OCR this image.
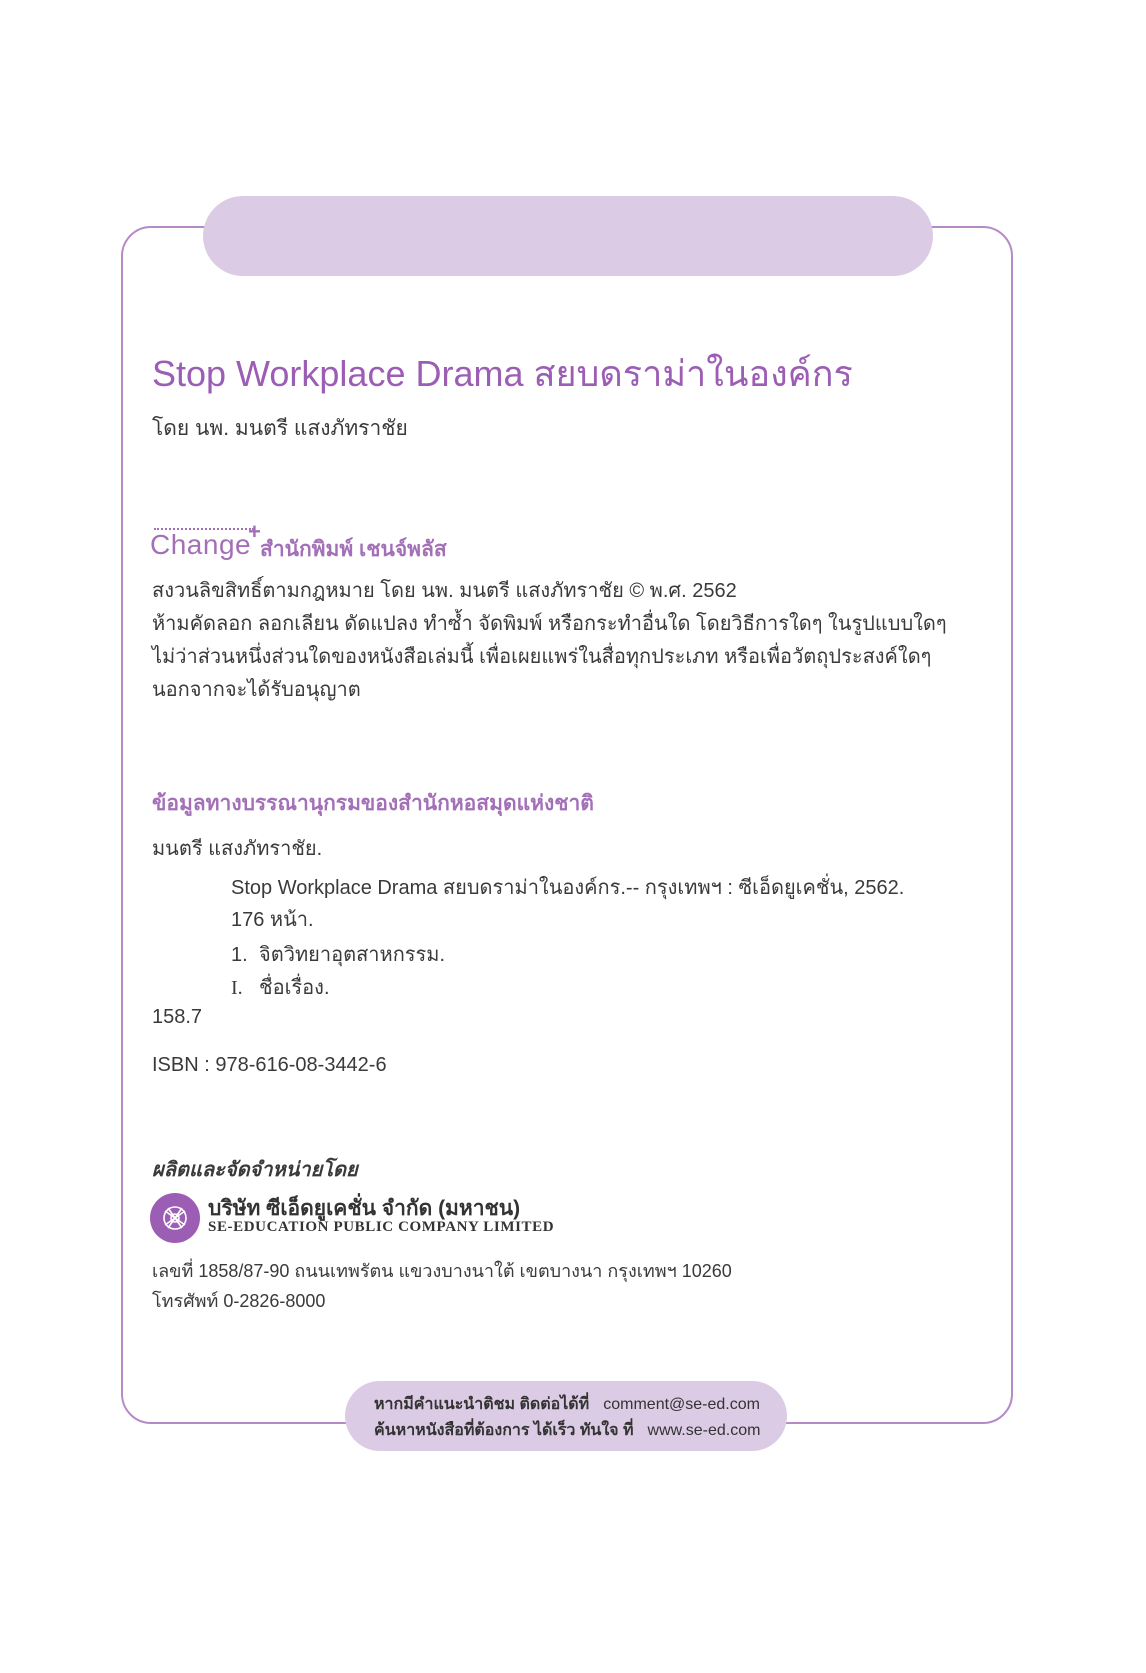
Stop Workplace Drama สยบดราม่าในองค์กร
โดย นพ. มนตรี แสงภัทราชัย
Change
+
สำนักพิมพ์ เชนจ์พลัส
สงวนลิขสิทธิ์ตามกฎหมาย โดย นพ. มนตรี แสงภัทราชัย © พ.ศ. 2562
ห้ามคัดลอก ลอกเลียน ดัดแปลง ทำซ้ำ จัดพิมพ์ หรือกระทำอื่นใด โดยวิธีการใดๆ ในรูปแบบใดๆ
ไม่ว่าส่วนหนึ่งส่วนใดของหนังสือเล่มนี้ เพื่อเผยแพร่ในสื่อทุกประเภท หรือเพื่อวัตถุประสงค์ใดๆ
นอกจากจะได้รับอนุญาต
ข้อมูลทางบรรณานุกรมของสำนักหอสมุดแห่งชาติ
มนตรี แสงภัทราชัย.
Stop Workplace Drama สยบดราม่าในองค์กร.-- กรุงเทพฯ : ซีเอ็ดยูเคชั่น, 2562.
176 หน้า.
1. จิตวิทยาอุตสาหกรรม.
I. ชื่อเรื่อง.
158.7
ISBN : 978-616-08-3442-6
ผลิตและจัดจำหน่ายโดย
บริษัท ซีเอ็ดยูเคชั่น จำกัด (มหาชน)
SE-EDUCATION PUBLIC COMPANY LIMITED
เลขที่ 1858/87-90 ถนนเทพรัตน แขวงบางนาใต้ เขตบางนา กรุงเทพฯ 10260
โทรศัพท์ 0-2826-8000
หากมีคำแนะนำติชม ติดต่อได้ที่ comment@se-ed.com
ค้นหาหนังสือที่ต้องการ ได้เร็ว ทันใจ ที่ www.se-ed.com
